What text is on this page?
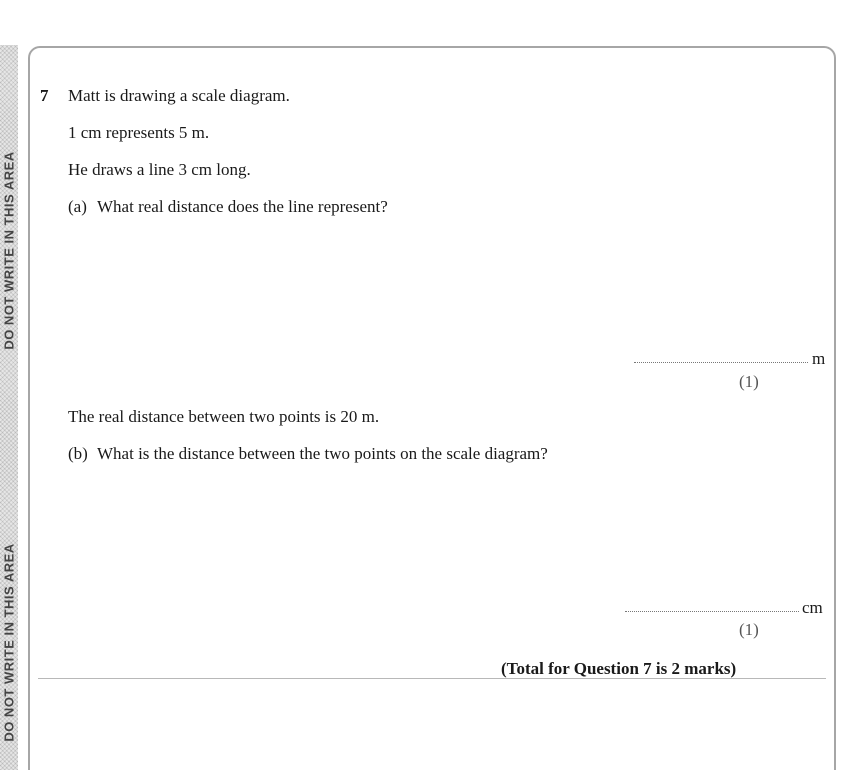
DO NOT WRITE IN THIS AREA
DO NOT WRITE IN THIS AREA
7 Matt is drawing a scale diagram.
1 cm represents 5 m.
He draws a line 3 cm long.
(a) What real distance does the line represent?
m
(1)
The real distance between two points is 20 m.
(b) What is the distance between the two points on the scale diagram?
cm
(1)
(Total for Question 7 is 2 marks)
